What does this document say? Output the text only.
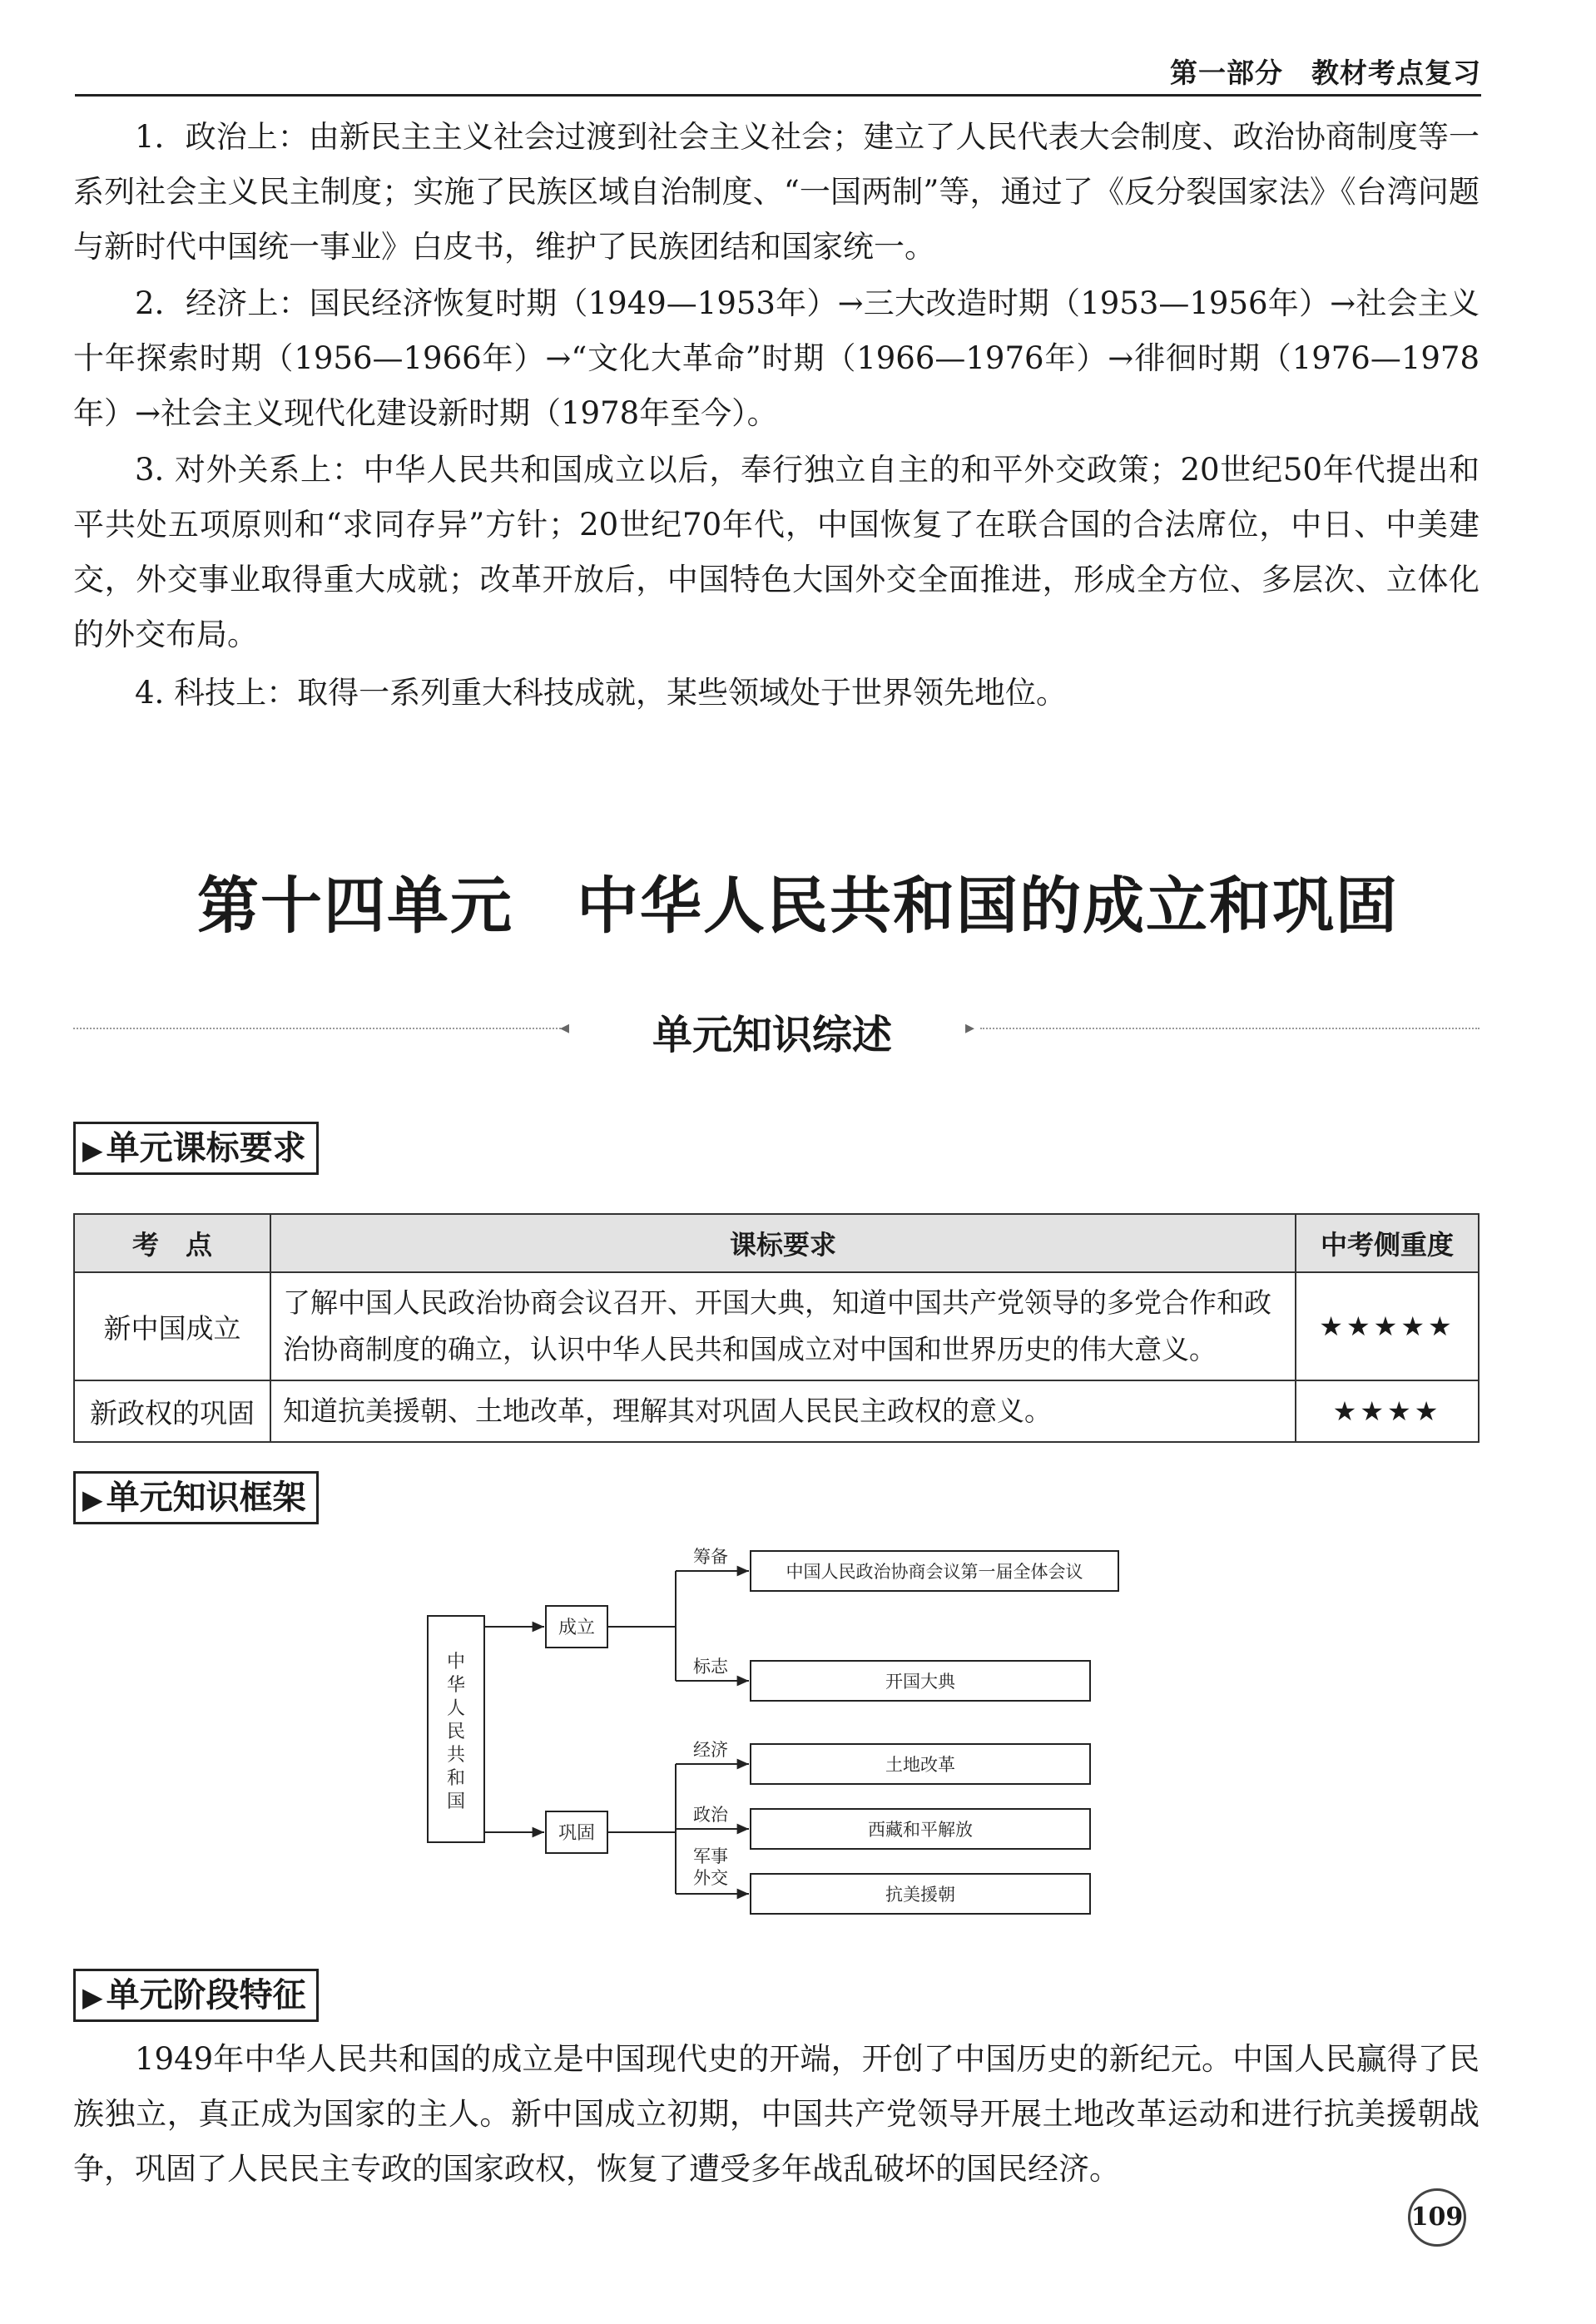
第一部分　教材考点复习

1．政治上：由新民主主义社会过渡到社会主义社会；建立了人民代表大会制度、政治协商制度等一系列社会主义民主制度；实施了民族区域自治制度、“一国两制”等，通过了《反分裂国家法》《台湾问题与新时代中国统一事业》白皮书，维护了民族团结和国家统一。

2．经济上：国民经济恢复时期（1949—1953年）→三大改造时期（1953—1956年）→社会主义十年探索时期（1956—1966年）→“文化大革命”时期（1966—1976年）→徘徊时期（1976—1978年）→社会主义现代化建设新时期（1978年至今）。

3. 对外关系上：中华人民共和国成立以后，奉行独立自主的和平外交政策；20世纪50年代提出和平共处五项原则和“求同存异”方针；20世纪70年代，中国恢复了在联合国的合法席位，中日、中美建交，外交事业取得重大成就；改革开放后，中国特色大国外交全面推进，形成全方位、多层次、立体化的外交布局。

4. 科技上：取得一系列重大科技成就，某些领域处于世界领先地位。

第十四单元　中华人民共和国的成立和巩固
◂	单元知识综述	▸
▶ 单元课标要求
考　点	课标要求	中考侧重度
新中国成立	了解中国人民政治协商会议召开、开国大典，知道中国共产党领导的多党合作和政治协商制度的确立，认识中华人民共和国成立对中国和世界历史的伟大意义。	★★★★★
新政权的巩固	知道抗美援朝、土地改革，理解其对巩固人民民主政权的意义。	★★★★
▶ 单元知识框架
中
华
人
民
共
和
国
成立
巩固
筹备
标志
经济
政治
军事
外交
中国人民政治协商会议第一届全体会议
开国大典
土地改革
西藏和平解放
抗美援朝
▶ 单元阶段特征

1949年中华人民共和国的成立是中国现代史的开端，开创了中国历史的新纪元。中国人民赢得了民族独立，真正成为国家的主人。新中国成立初期，中国共产党领导开展土地改革运动和进行抗美援朝战争，巩固了人民民主专政的国家政权，恢复了遭受多年战乱破坏的国民经济。

109
